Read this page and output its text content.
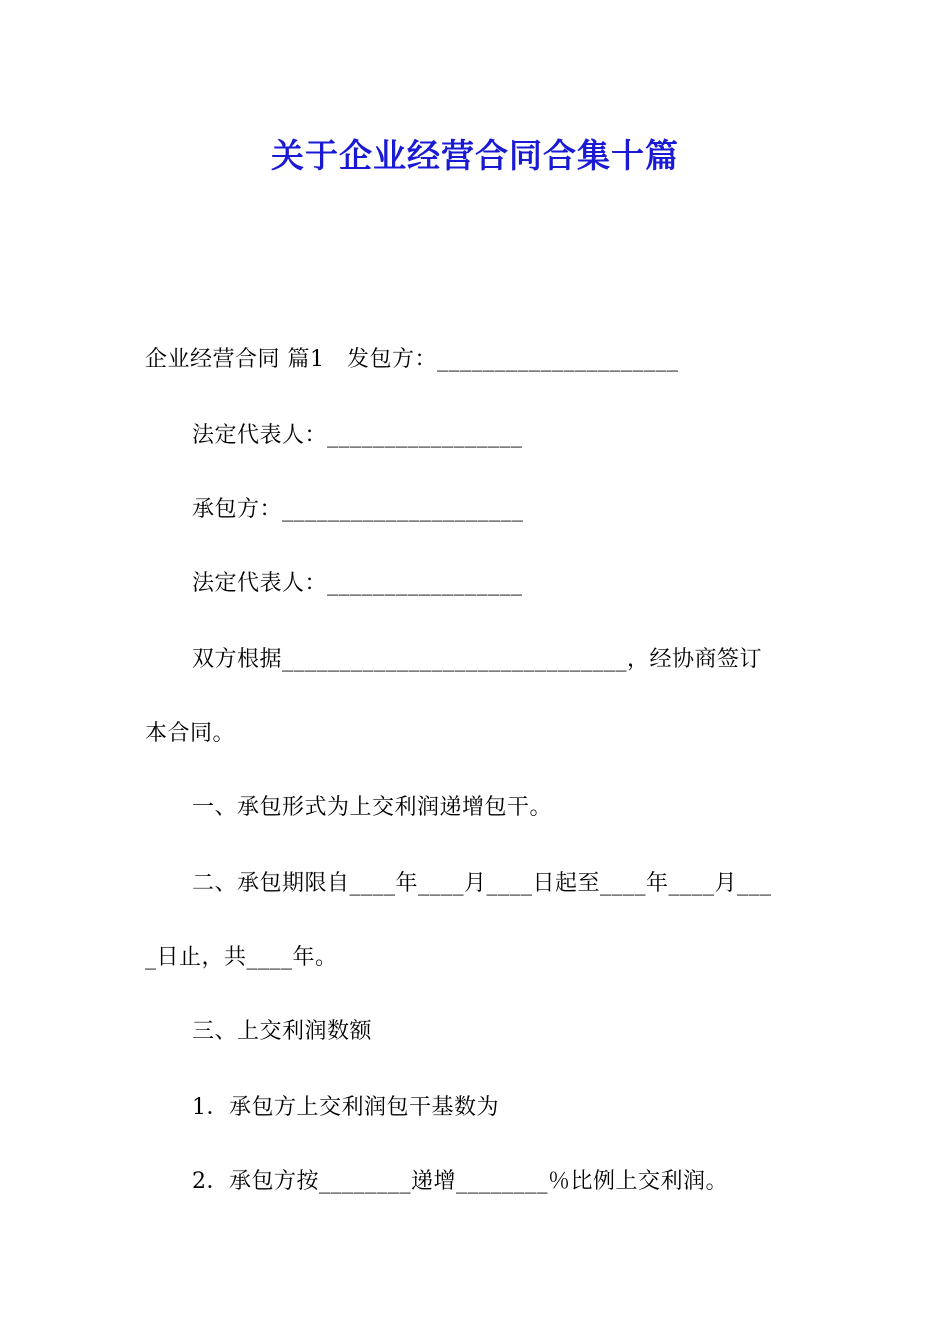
关于企业经营合同合集十篇
企业经营合同 篇1   发包方：_____________________
法定代表人：_________________
承包方：_____________________
法定代表人：_________________
双方根据______________________________，经协商签订
本合同。
一、承包形式为上交利润递增包干。
二、承包期限自____年____月____日起至____年____月___
_日止，共____年。
三、上交利润数额
1．承包方上交利润包干基数为
2．承包方按________递增________％比例上交利润。
